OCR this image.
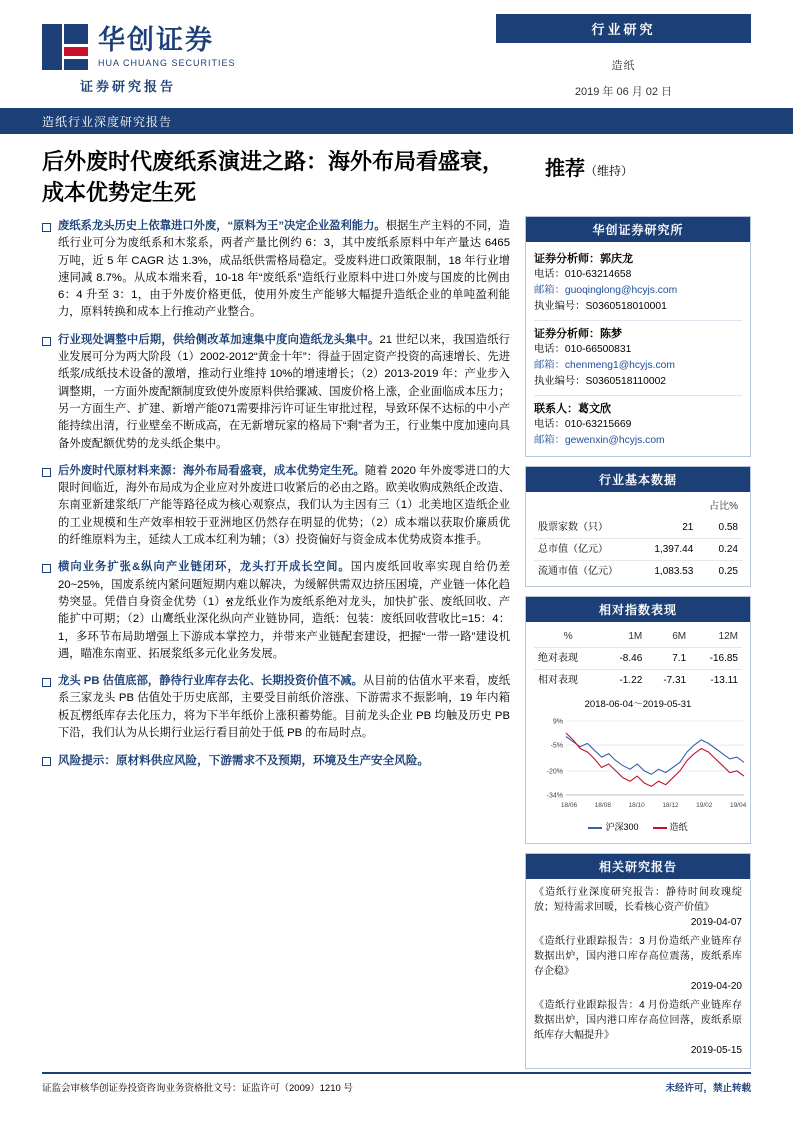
华创证券
HUA CHUANG SECURITIES
证券研究报告
行业研究
造纸
2019 年 06 月 02 日
造纸行业深度研究报告
后外废时代废纸系演进之路：海外布局看盛衰，成本优势定生死
推荐（维持）

废纸系龙头历史上依靠进口外废，“原料为王”决定企业盈利能力。根据生产主料的不同，造纸行业可分为废纸系和木浆系，两者产量比例约 6：3，其中废纸系原料中年产量达 6465 万吨，近 5 年 CAGR 达 1.3%，成品纸供需格局稳定。受废料进口政策限制，18 年行业增速同减 8.7%。从成本端来看，10-18 年“废纸系”造纸行业原料中进口外废与国废的比例由 6：4 升至 3：1，由于外废价格更低，使用外废生产能够大幅提升造纸企业的单吨盈利能力，原料转换和成本上行推动产业整合。

行业现处调整中后期，供给侧改革加速集中度向造纸龙头集中。21 世纪以来，我国造纸行业发展可分为两大阶段（1）2002-2012“黄金十年”：得益于固定资产投资的高速增长、先进纸浆/成纸技术设备的激增，推动行业维持 10%的增速增长；（2）2013-2019 年：产业步入调整期，一方面外废配额制度致使外废原料供给骤减、国废价格上涨，企业面临成本压力；另一方面生产、扩建、新增产能071需要排污许可证生审批过程，导致环保不达标的中小产能持续出清，行业壁垒不断成高，在无新增玩家的格局下“剩”者为王，行业集中度加速向具备外废配额优势的龙头纸企集中。

后外废时代原材料来源：海外布局看盛衰，成本优势定生死。随着 2020 年外废零进口的大限时间临近，海外布局成为企业应对外废进口收紧后的必由之路。欧美收购成熟纸企改造、东南亚新建浆纸厂产能等路径成为核心观察点，我们认为主因有三（1）北美地区造纸企业的工业规模和生产效率相较于亚洲地区仍然存在明显的优势；（2）成本端以获取价廉质优的纤维原料为主，延续人工成本红利为辅；（3）投资偏好与资金成本优势成资本推手。

横向业务扩张&纵向产业链闭环，龙头打开成长空间。国内废纸回收率实现自给仍差 20~25%，国废系统内紧问题短期内难以解决，为缓解供需双边挤压困境，产业链一体化趋势突显。凭借自身资金优势（1）፳龙纸业作为废纸系绝对龙头，加快扩张、废纸回收、产能扩中可期；（2）山鹰纸业深化纵向产业链协同，造纸：包装：废纸回收营收比=15：4：1，多环节布局助增强上下游成本掌控力，并带来产业链配套建设，把握“一带一路”建设机遇，瞄准东南亚、拓展浆纸多元化业务发展。

龙头 PB 估值底部，静待行业库存去化、长期投资价值不减。从目前的估值水平来看，废纸系三家龙头 PB 估值处于历史底部，主要受目前纸价溶涨、下游需求不振影响，19 年内箱板瓦楞纸库存去化压力，将为下半年纸价上涨积蓄势能。目前龙头企业 PB 均触及历史 PB 下沿，我们认为从长期行业运行看目前处于低 PB 的布局时点。

风险提示：原材料供应风险，下游需求不及预期，环境及生产安全风险。

华创证券研究所
证券分析师：郭庆龙
电话：010-63214658
邮箱：guoqinglong@hcyjs.com
执业编号：S0360518010001
证券分析师：陈梦
电话：010-66500831
邮箱：chenmeng1@hcyjs.com
执业编号：S0360518110002
联系人：葛文欣
电话：010-63215669
邮箱：gewenxin@hcyjs.com
行业基本数据
		占比%
股票家数（只）	21	0.58
总市值（亿元）	1,397.44	0.24
流通市值（亿元）	1,083.53	0.25
相对指数表现
%	1M	6M	12M
绝对表现	-8.46	7.1	-16.85
相对表现	-1.22	-7.31	-13.11
2018-06-04～2019-05-31
9%
-5%
-20%
-34%
18/06	18/08	18/10	18/12	19/02	19/04
沪深300	造纸
相关研究报告
《造纸行业深度研究报告：静待时间玫瑰绽放；短待需求回暖，长看核心资产价值》
2019-04-07
《造纸行业跟踪报告：3 月份造纸产业链库存数据出炉，国内港口库存高位震荡，废纸系库存企稳》
2019-04-20
《造纸行业跟踪报告：4 月份造纸产业链库存数据出炉，国内港口库存高位回落，废纸系原纸库存大幅提升》
2019-05-15
证监会审核华创证券投资咨询业务资格批文号：证监许可（2009）1210 号	未经许可，禁止转载
